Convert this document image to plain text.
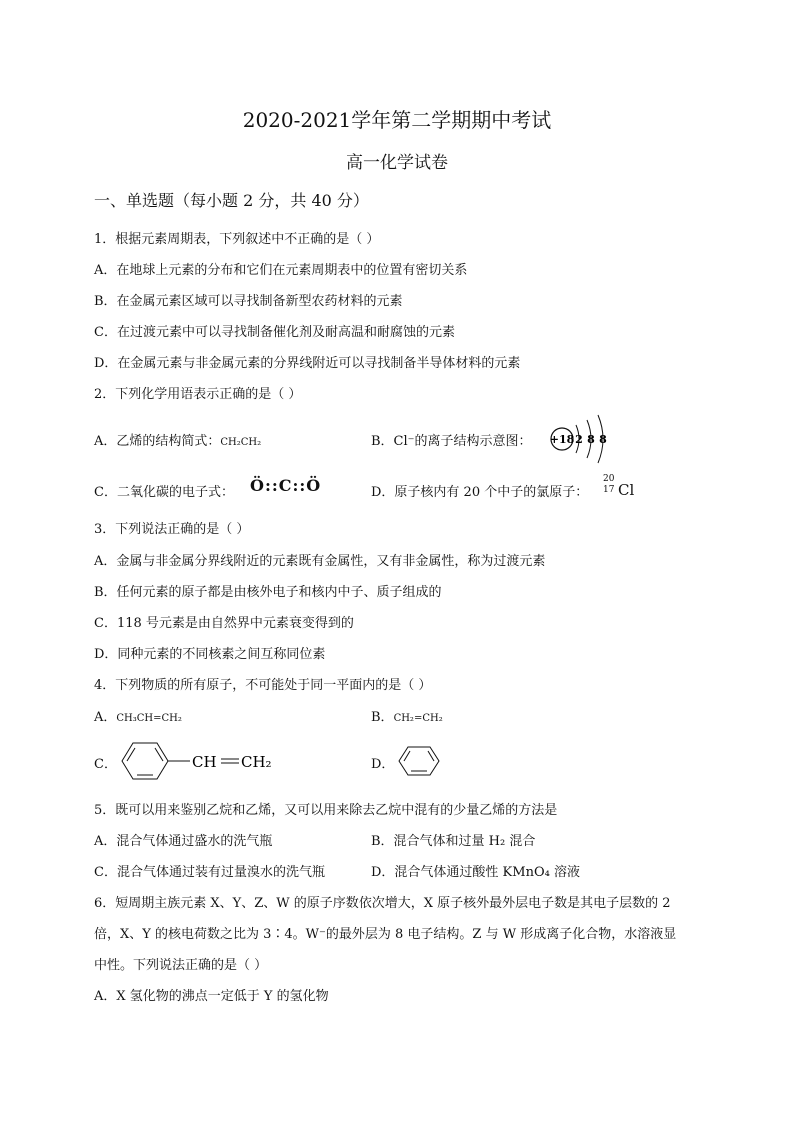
2020-2021学年第二学期期中考试
高一化学试卷
一、单选题（每小题 2 分，共 40 分）
1．根据元素周期表，下列叙述中不正确的是（ ）
A．在地球上元素的分布和它们在元素周期表中的位置有密切关系
B．在金属元素区域可以寻找制备新型农药材料的元素
C．在过渡元素中可以寻找制备催化剂及耐高温和耐腐蚀的元素
D．在金属元素与非金属元素的分界线附近可以寻找制备半导体材料的元素
2．下列化学用语表示正确的是（ ）
A．乙烯的结构简式：CH₂CH₂	B．Cl⁻的离子结构示意图： +18 2 8 8
C．二氧化碳的电子式： Ö::C::Ö	D．原子核内有 20 个中子的氯原子：
20
17 Cl
3．下列说法正确的是（ ）
A．金属与非金属分界线附近的元素既有金属性，又有非金属性，称为过渡元素
B．任何元素的原子都是由核外电子和核内中子、质子组成的
C．118 号元素是由自然界中元素衰变得到的
D．同种元素的不同核素之间互称同位素
4．下列物质的所有原子，不可能处于同一平面内的是（ ）
A．CH₃CH=CH₂	B．CH₂=CH₂
C．	CH CH₂	D．
5．既可以用来鉴别乙烷和乙烯，又可以用来除去乙烷中混有的少量乙烯的方法是
A．混合气体通过盛水的洗气瓶	B．混合气体和过量 H₂ 混合
C．混合气体通过装有过量溴水的洗气瓶	D．混合气体通过酸性 KMnO₄ 溶液
6．短周期主族元素 X、Y、Z、W 的原子序数依次增大，X 原子核外最外层电子数是其电子层数的 2
倍，X、Y 的核电荷数之比为 3∶4。W⁻的最外层为 8 电子结构。Z 与 W 形成离子化合物，水溶液显
中性。下列说法正确的是（ ）
A．X 氢化物的沸点一定低于 Y 的氢化物
